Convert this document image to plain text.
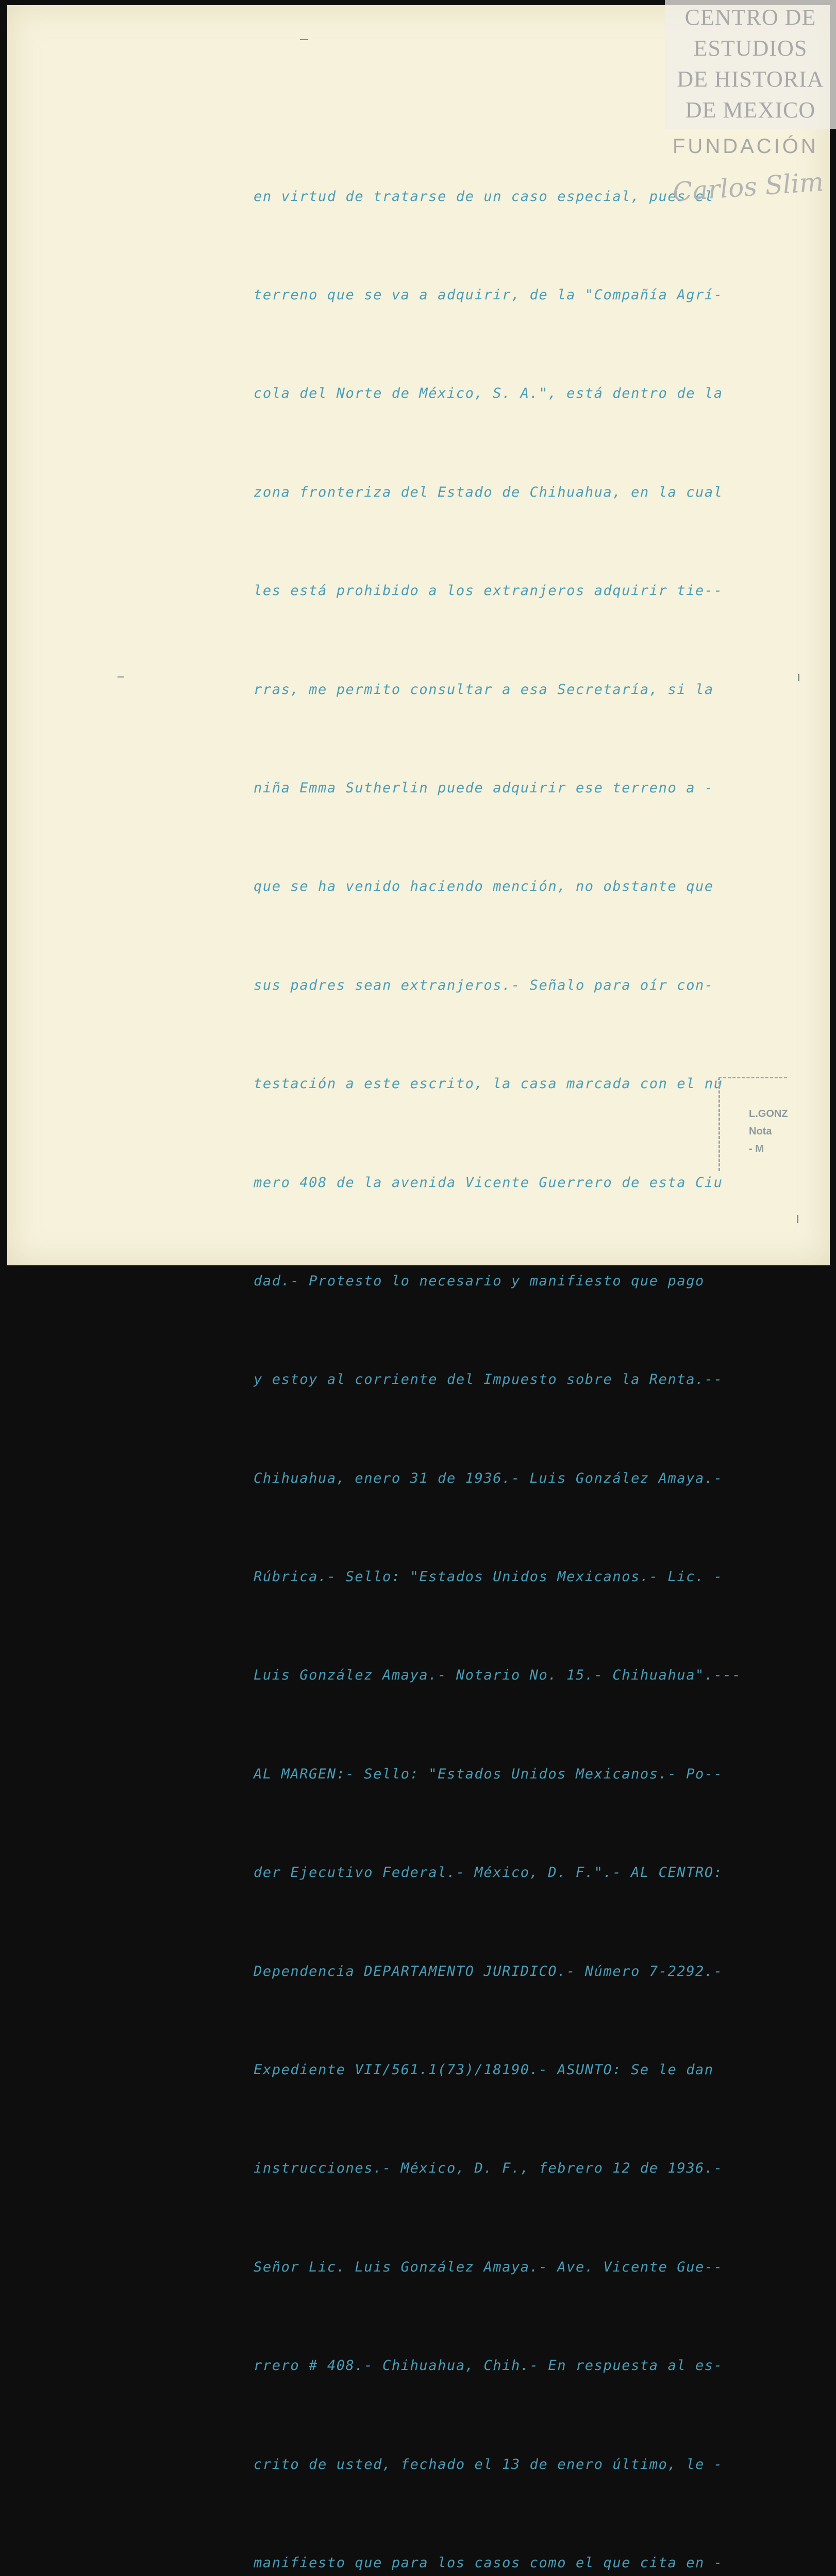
en virtud de tratarse de un caso especial, pues el

terreno que se va a adquirir, de la "Compañía Agrí-

cola del Norte de México, S. A.", está dentro de la

zona fronteriza del Estado de Chihuahua, en la cual

les está prohibido a los extranjeros adquirir tie--

rras, me permito consultar a esa Secretaría, si la

niña Emma Sutherlin puede adquirir ese terreno a -

que se ha venido haciendo mención, no obstante que

sus padres sean extranjeros.- Señalo para oír con-

testación a este escrito, la casa marcada con el nú

mero 408 de la avenida Vicente Guerrero de esta Ciu

dad.- Protesto lo necesario y manifiesto que pago

y estoy al corriente del Impuesto sobre la Renta.--

Chihuahua, enero 31 de 1936.- Luis González Amaya.-

Rúbrica.- Sello: "Estados Unidos Mexicanos.- Lic. -

Luis González Amaya.- Notario No. 15.- Chihuahua".---

AL MARGEN:- Sello: "Estados Unidos Mexicanos.- Po--

der Ejecutivo Federal.- México, D. F.".- AL CENTRO:

Dependencia DEPARTAMENTO JURIDICO.- Número 7-2292.-

Expediente VII/561.1(73)/18190.- ASUNTO: Se le dan

instrucciones.- México, D. F., febrero 12 de 1936.-

Señor Lic. Luis González Amaya.- Ave. Vicente Gue--

rrero # 408.- Chihuahua, Chih.- En respuesta al es-

crito de usted, fechado el 13 de enero último, le -

manifiesto que para los casos como el que cita en -

L.GONZ
Nota
- M
CENTRO DE
ESTUDIOS
DE HISTORIA
DE MEXICO
FUNDACIÓN
Carlos Slim
